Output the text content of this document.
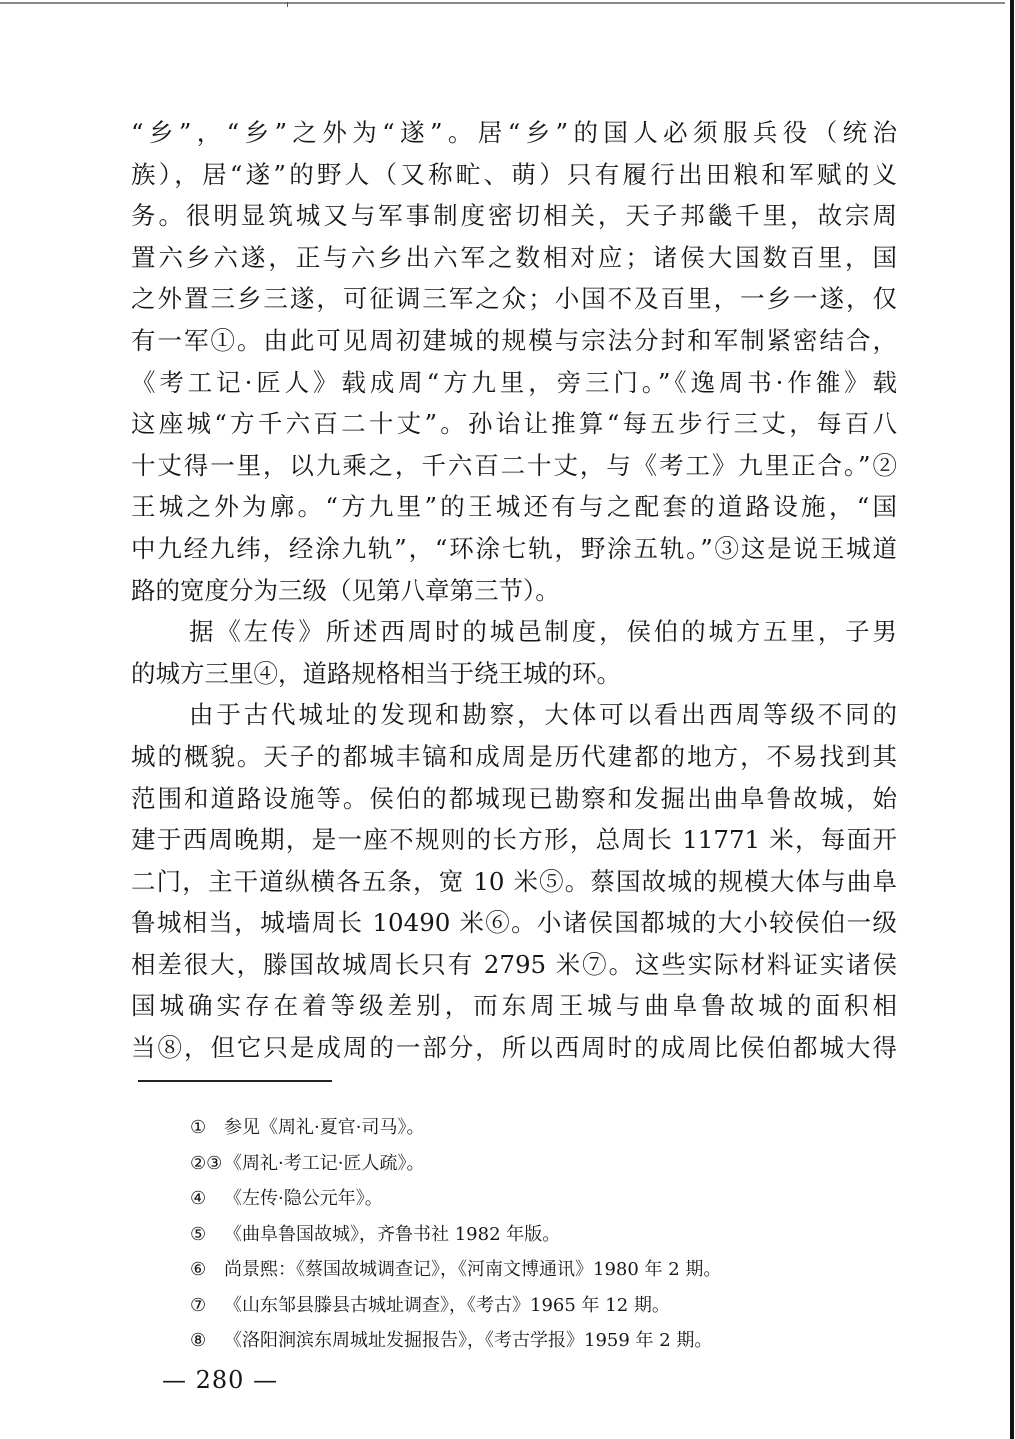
“乡”，“乡”之外为“遂”。居“乡”的国人必须服兵役（统治
族），居“遂”的野人（又称甿、萌）只有履行出田粮和军赋的义
务。很明显筑城又与军事制度密切相关，天子邦畿千里，故宗周
置六乡六遂，正与六乡出六军之数相对应；诸侯大国数百里，国
之外置三乡三遂，可征调三军之众；小国不及百里，一乡一遂，仅
有一军①。由此可见周初建城的规模与宗法分封和军制紧密结合，
《考工记·匠人》载成周“方九里，旁三门。”《逸周书·作雒》载
这座城“方千六百二十丈”。孙诒让推算“每五步行三丈，每百八
十丈得一里，以九乘之，千六百二十丈，与《考工》九里正合。”②
王城之外为廓。“方九里”的王城还有与之配套的道路设施，“国
中九经九纬，经涂九轨”，“环涂七轨，野涂五轨。”③这是说王城道
路的宽度分为三级（见第八章第三节）。
据《左传》所述西周时的城邑制度，侯伯的城方五里，子男
的城方三里④，道路规格相当于绕王城的环。
由于古代城址的发现和勘察，大体可以看出西周等级不同的
城的概貌。天子的都城丰镐和成周是历代建都的地方，不易找到其
范围和道路设施等。侯伯的都城现已勘察和发掘出曲阜鲁故城，始
建于西周晚期，是一座不规则的长方形，总周长 11771 米，每面开
二门，主干道纵横各五条，宽 10 米⑤。蔡国故城的规模大体与曲阜
鲁城相当，城墙周长 10490 米⑥。小诸侯国都城的大小较侯伯一级
相差很大，滕国故城周长只有 2795 米⑦。这些实际材料证实诸侯
国城确实存在着等级差别，而东周王城与曲阜鲁故城的面积相
当⑧，但它只是成周的一部分，所以西周时的成周比侯伯都城大得
① 参见《周礼·夏官·司马》。
②③《周礼·考工记·匠人疏》。
④ 《左传·隐公元年》。
⑤ 《曲阜鲁国故城》，齐鲁书社 1982 年版。
⑥ 尚景熙：《蔡国故城调查记》，《河南文博通讯》1980 年 2 期。
⑦ 《山东邹县滕县古城址调查》，《考古》1965 年 12 期。
⑧ 《洛阳涧滨东周城址发掘报告》，《考古学报》1959 年 2 期。
— 280 —
